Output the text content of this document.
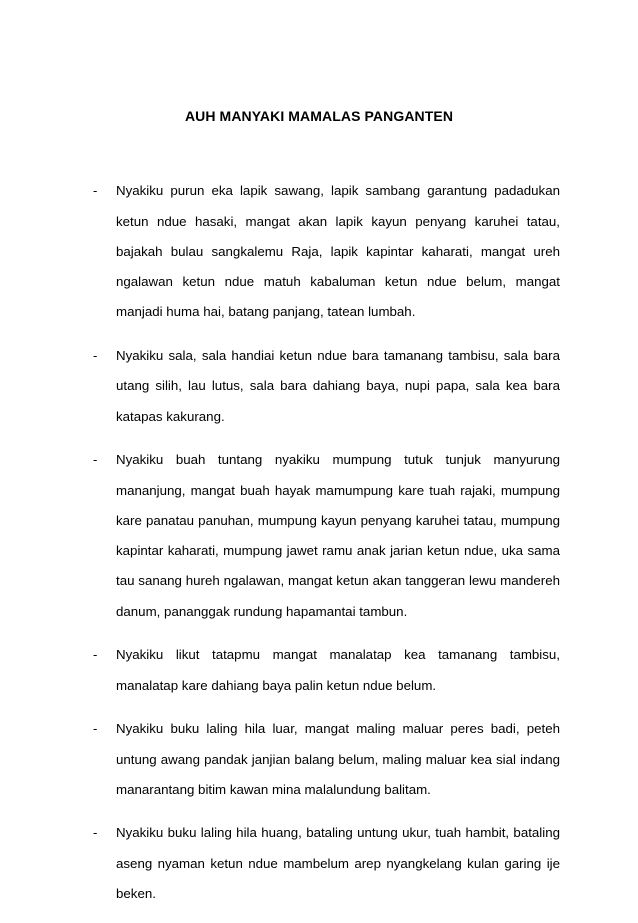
AUH MANYAKI MAMALAS PANGANTEN
- Nyakiku purun eka lapik sawang, lapik sambang garantung padadukan ketun ndue hasaki, mangat akan lapik kayun penyang karuhei tatau, bajakah bulau sangkalemu Raja, lapik kapintar kaharati, mangat ureh ngalawan ketun ndue matuh kabaluman ketun ndue belum, mangat manjadi huma hai, batang panjang, tatean lumbah.

- Nyakiku sala, sala handiai ketun ndue bara tamanang tambisu, sala bara utang silih, lau lutus, sala bara dahiang baya, nupi papa, sala kea bara katapas kakurang.

- Nyakiku buah tuntang nyakiku mumpung tutuk tunjuk manyurung mananjung, mangat buah hayak mamumpung kare tuah rajaki, mumpung kare panatau panuhan, mumpung kayun penyang karuhei tatau, mumpung kapintar kaharati, mumpung jawet ramu anak jarian ketun ndue, uka sama tau sanang hureh ngalawan, mangat ketun akan tanggeran lewu mandereh danum, pananggak rundung hapamantai tambun.

- Nyakiku likut tatapmu mangat manalatap kea tamanang tambisu, manalatap kare dahiang baya palin ketun ndue belum.

- Nyakiku buku laling hila luar, mangat maling maluar peres badi, peteh untung awang pandak janjian balang belum, maling maluar kea sial indang manarantang bitim kawan mina malalundung balitam.

- Nyakiku buku laling hila huang, bataling untung ukur, tuah hambit, bataling aseng nyaman ketun ndue mambelum arep nyangkelang kulan garing ije beken.
